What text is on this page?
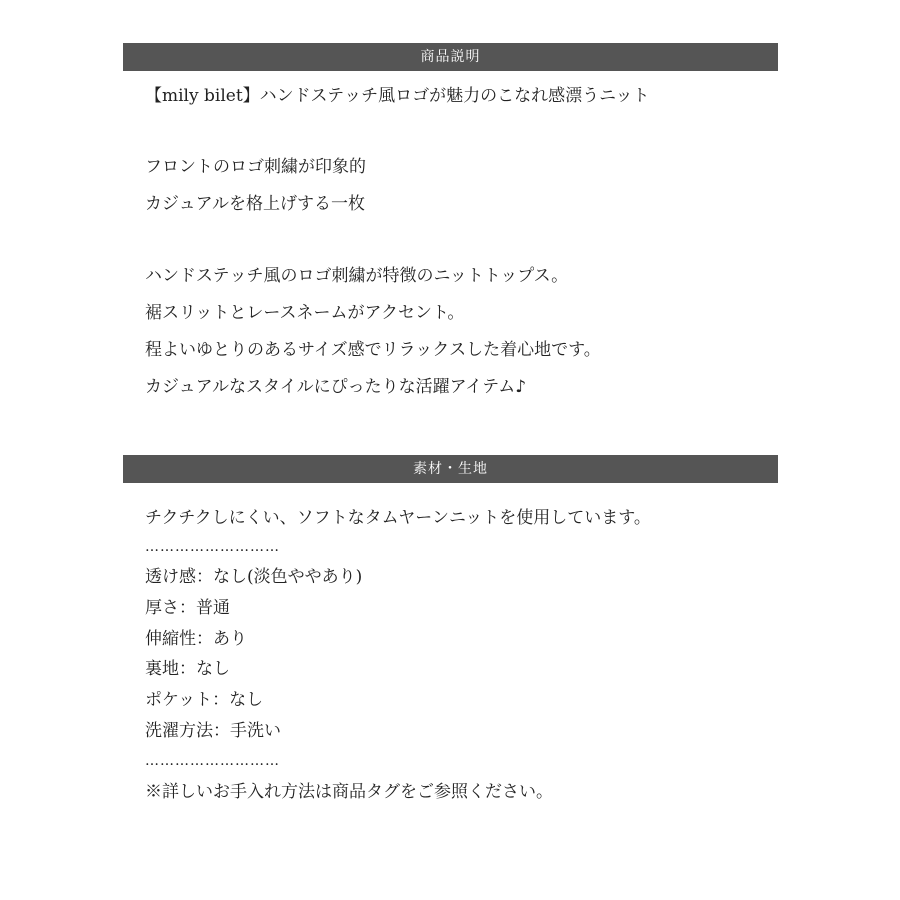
商品説明
【mily bilet】ハンドステッチ風ロゴが魅力のこなれ感漂うニット
フロントのロゴ刺繍が印象的
カジュアルを格上げする一枚
ハンドステッチ風のロゴ刺繍が特徴のニットトップス。
裾スリットとレースネームがアクセント。
程よいゆとりのあるサイズ感でリラックスした着心地です。
カジュアルなスタイルにぴったりな活躍アイテム♪
素材・生地
チクチクしにくい、ソフトなタムヤーンニットを使用しています。
………………………
透け感：なし(淡色ややあり)
厚さ：普通
伸縮性：あり
裏地：なし
ポケット：なし
洗濯方法：手洗い
………………………
※詳しいお手入れ方法は商品タグをご参照ください。
